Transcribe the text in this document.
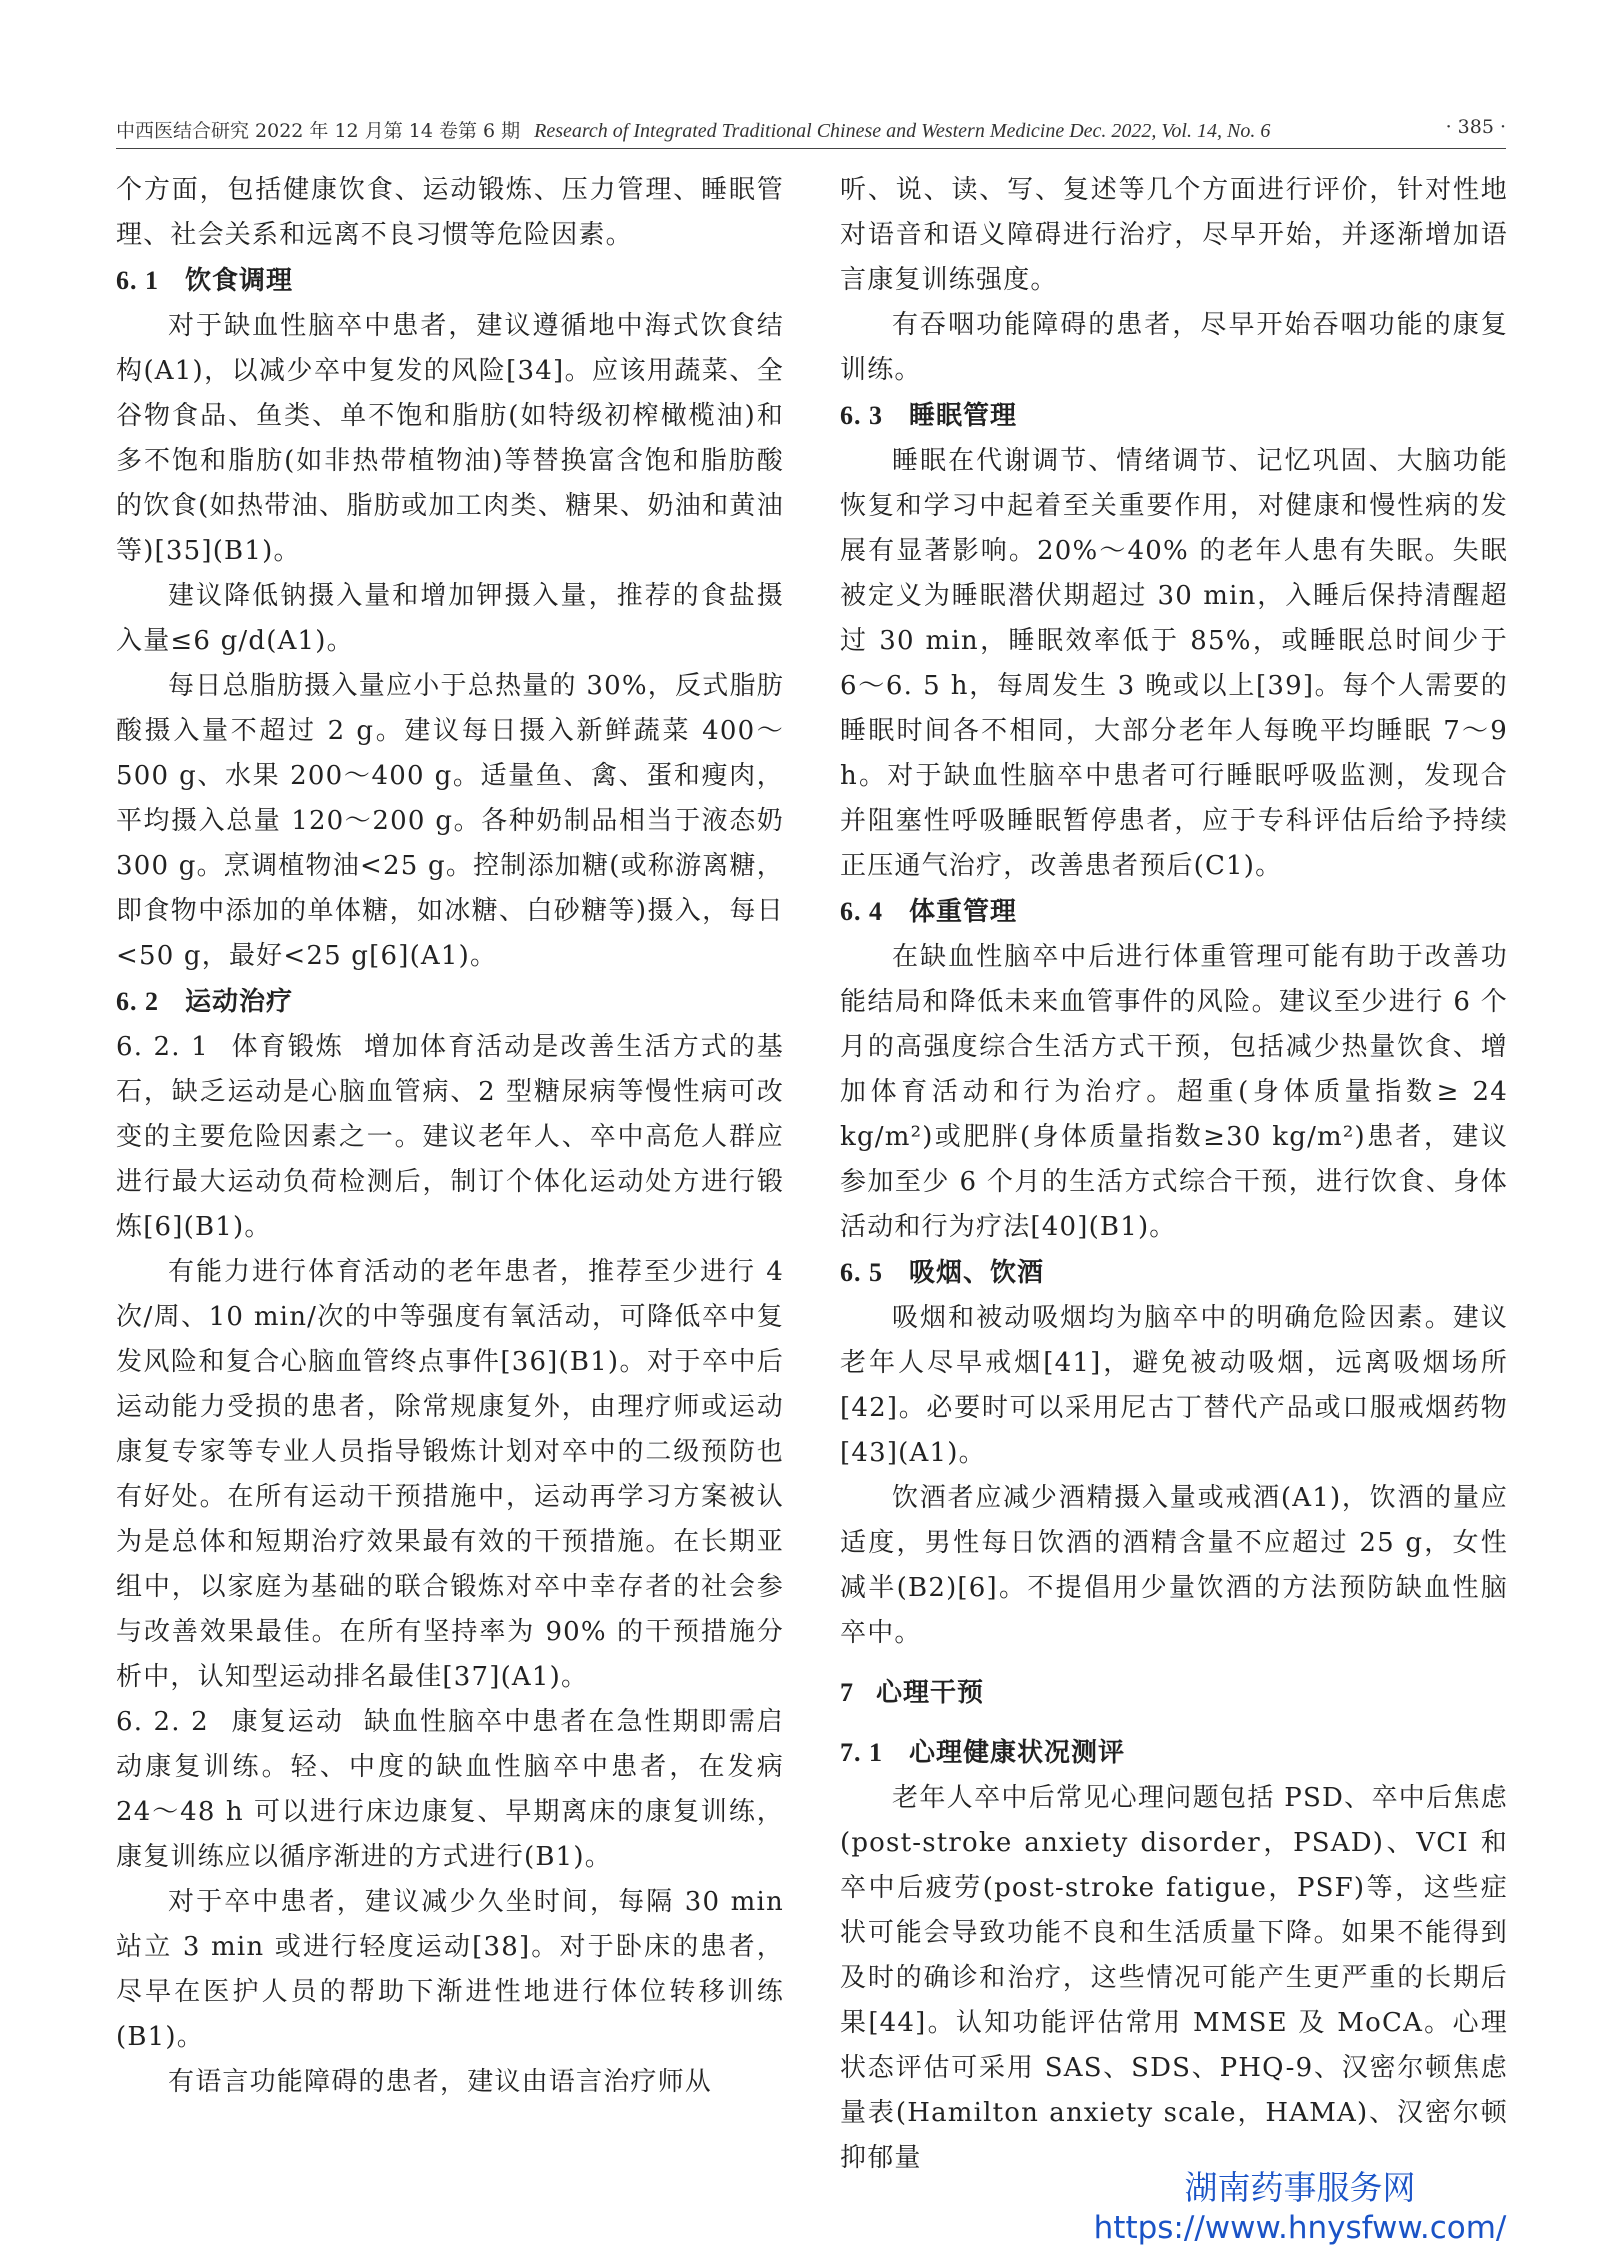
中西医结合研究 2022 年 12 月第 14 卷第 6 期 Research of Integrated Traditional Chinese and Western Medicine Dec. 2022, Vol. 14, No. 6	· 385 ·

个方面，包括健康饮食、运动锻炼、压力管理、睡眠管理、社会关系和远离不良习惯等危险因素。

6. 1 饮食调理

对于缺血性脑卒中患者，建议遵循地中海式饮食结构(A1)，以减少卒中复发的风险[34]。应该用蔬菜、全谷物食品、鱼类、单不饱和脂肪(如特级初榨橄榄油)和多不饱和脂肪(如非热带植物油)等替换富含饱和脂肪酸的饮食(如热带油、脂肪或加工肉类、糖果、奶油和黄油等)[35](B1)。

建议降低钠摄入量和增加钾摄入量，推荐的食盐摄入量≤6 g/d(A1)。

每日总脂肪摄入量应小于总热量的 30%，反式脂肪酸摄入量不超过 2 g。建议每日摄入新鲜蔬菜 400～500 g、水果 200～400 g。适量鱼、禽、蛋和瘦肉，平均摄入总量 120～200 g。各种奶制品相当于液态奶 300 g。烹调植物油<25 g。控制添加糖(或称游离糖，即食物中添加的单体糖，如冰糖、白砂糖等)摄入，每日<50 g，最好<25 g[6](A1)。

6. 2 运动治疗

6. 2. 1 体育锻炼 增加体育活动是改善生活方式的基石，缺乏运动是心脑血管病、2 型糖尿病等慢性病可改变的主要危险因素之一。建议老年人、卒中高危人群应进行最大运动负荷检测后，制订个体化运动处方进行锻炼[6](B1)。

有能力进行体育活动的老年患者，推荐至少进行 4 次/周、10 min/次的中等强度有氧活动，可降低卒中复发风险和复合心脑血管终点事件[36](B1)。对于卒中后运动能力受损的患者，除常规康复外，由理疗师或运动康复专家等专业人员指导锻炼计划对卒中的二级预防也有好处。在所有运动干预措施中，运动再学习方案被认为是总体和短期治疗效果最有效的干预措施。在长期亚组中，以家庭为基础的联合锻炼对卒中幸存者的社会参与改善效果最佳。在所有坚持率为 90% 的干预措施分析中，认知型运动排名最佳[37](A1)。

6. 2. 2 康复运动 缺血性脑卒中患者在急性期即需启动康复训练。轻、中度的缺血性脑卒中患者，在发病 24～48 h 可以进行床边康复、早期离床的康复训练，康复训练应以循序渐进的方式进行(B1)。

对于卒中患者，建议减少久坐时间，每隔 30 min 站立 3 min 或进行轻度运动[38]。对于卧床的患者，尽早在医护人员的帮助下渐进性地进行体位转移训练(B1)。

有语言功能障碍的患者，建议由语言治疗师从

听、说、读、写、复述等几个方面进行评价，针对性地对语音和语义障碍进行治疗，尽早开始，并逐渐增加语言康复训练强度。

有吞咽功能障碍的患者，尽早开始吞咽功能的康复训练。

6. 3 睡眠管理

睡眠在代谢调节、情绪调节、记忆巩固、大脑功能恢复和学习中起着至关重要作用，对健康和慢性病的发展有显著影响。20%～40% 的老年人患有失眠。失眠被定义为睡眠潜伏期超过 30 min，入睡后保持清醒超过 30 min，睡眠效率低于 85%，或睡眠总时间少于 6～6. 5 h，每周发生 3 晚或以上[39]。每个人需要的睡眠时间各不相同，大部分老年人每晚平均睡眠 7～9 h。对于缺血性脑卒中患者可行睡眠呼吸监测，发现合并阻塞性呼吸睡眠暂停患者，应于专科评估后给予持续正压通气治疗，改善患者预后(C1)。

6. 4 体重管理

在缺血性脑卒中后进行体重管理可能有助于改善功能结局和降低未来血管事件的风险。建议至少进行 6 个月的高强度综合生活方式干预，包括减少热量饮食、增加体育活动和行为治疗。超重(身体质量指数≥ 24 kg/m²)或肥胖(身体质量指数≥30 kg/m²)患者，建议参加至少 6 个月的生活方式综合干预，进行饮食、身体活动和行为疗法[40](B1)。

6. 5 吸烟、饮酒

吸烟和被动吸烟均为脑卒中的明确危险因素。建议老年人尽早戒烟[41]，避免被动吸烟，远离吸烟场所[42]。必要时可以采用尼古丁替代产品或口服戒烟药物[43](A1)。

饮酒者应减少酒精摄入量或戒酒(A1)，饮酒的量应适度，男性每日饮酒的酒精含量不应超过 25 g，女性减半(B2)[6]。不提倡用少量饮酒的方法预防缺血性脑卒中。

7 心理干预
7. 1 心理健康状况测评

老年人卒中后常见心理问题包括 PSD、卒中后焦虑(post-stroke anxiety disorder，PSAD)、VCI 和卒中后疲劳(post-stroke fatigue，PSF)等，这些症状可能会导致功能不良和生活质量下降。如果不能得到及时的确诊和治疗，这些情况可能产生更严重的长期后果[44]。认知功能评估常用 MMSE 及 MoCA。心理状态评估可采用 SAS、SDS、PHQ-9、汉密尔顿焦虑量表(Hamilton anxiety scale，HAMA)、汉密尔顿抑郁量

湖南药事服务网
https://www.hnysfww.com/
